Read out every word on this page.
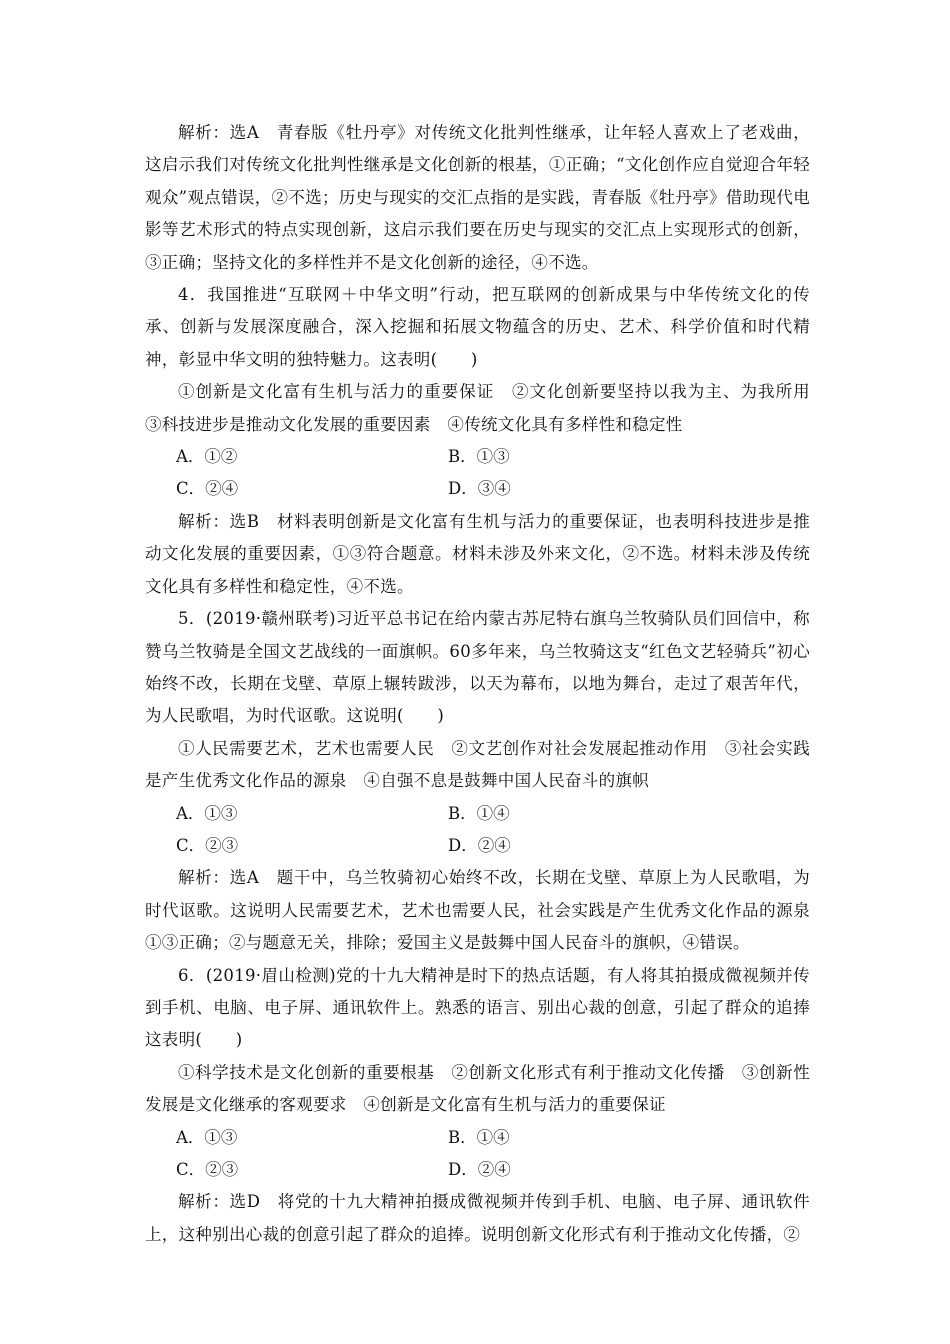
解析：选A　青春版《牡丹亭》对传统文化批判性继承，让年轻人喜欢上了老戏曲，这启示我们对传统文化批判性继承是文化创新的根基，①正确；“文化创作应自觉迎合年轻观众”观点错误，②不选；历史与现实的交汇点指的是实践，青春版《牡丹亭》借助现代电影等艺术形式的特点实现创新，这启示我们要在历史与现实的交汇点上实现形式的创新，③正确；坚持文化的多样性并不是文化创新的途径，④不选。

4．我国推进“互联网＋中华文明”行动，把互联网的创新成果与中华传统文化的传承、创新与发展深度融合，深入挖掘和拓展文物蕴含的历史、艺术、科学价值和时代精神，彰显中华文明的独特魅力。这表明(　　)

①创新是文化富有生机与活力的重要保证　②文化创新要坚持以我为主、为我所用　③科技进步是推动文化发展的重要因素　④传统文化具有多样性和稳定性

A．①②	B．①③
C．②④	D．③④

解析：选B　材料表明创新是文化富有生机与活力的重要保证，也表明科技进步是推动文化发展的重要因素，①③符合题意。材料未涉及外来文化，②不选。材料未涉及传统文化具有多样性和稳定性，④不选。

5．(2019·赣州联考)习近平总书记在给内蒙古苏尼特右旗乌兰牧骑队员们回信中，称赞乌兰牧骑是全国文艺战线的一面旗帜。60多年来，乌兰牧骑这支“红色文艺轻骑兵”初心始终不改，长期在戈壁、草原上辗转跋涉，以天为幕布，以地为舞台，走过了艰苦年代，为人民歌唱，为时代讴歌。这说明(　　)

①人民需要艺术，艺术也需要人民　②文艺创作对社会发展起推动作用　③社会实践是产生优秀文化作品的源泉　④自强不息是鼓舞中国人民奋斗的旗帜

A．①③	B．①④
C．②③	D．②④

解析：选A　题干中，乌兰牧骑初心始终不改，长期在戈壁、草原上为人民歌唱，为时代讴歌。这说明人民需要艺术，艺术也需要人民，社会实践是产生优秀文化作品的源泉①③正确；②与题意无关，排除；爱国主义是鼓舞中国人民奋斗的旗帜，④错误。

6．(2019·眉山检测)党的十九大精神是时下的热点话题，有人将其拍摄成微视频并传到手机、电脑、电子屏、通讯软件上。熟悉的语言、别出心裁的创意，引起了群众的追捧这表明(　　)

①科学技术是文化创新的重要根基　②创新文化形式有利于推动文化传播　③创新性发展是文化继承的客观要求　④创新是文化富有生机与活力的重要保证

A．①③	B．①④
C．②③	D．②④

解析：选D　将党的十九大精神拍摄成微视频并传到手机、电脑、电子屏、通讯软件上，这种别出心裁的创意引起了群众的追捧。说明创新文化形式有利于推动文化传播，②
